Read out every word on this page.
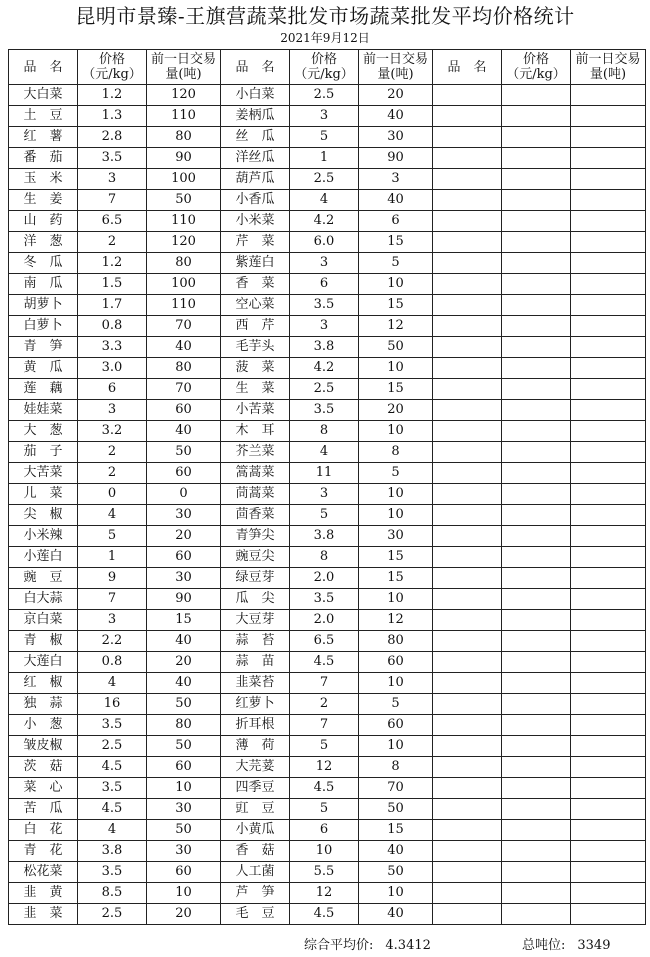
昆明市景臻-王旗营蔬菜批发市场蔬菜批发平均价格统计
2021年9月12日
品　名	价格（元/kg）	前一日交易量(吨)	品　名	价格（元/kg）	前一日交易量(吨)	品　名	价格（元/kg）	前一日交易量(吨)
大白菜	1.2	120	小白菜	2.5	20			
土　豆	1.3	110	姜柄瓜	3	40			
红　薯	2.8	80	丝　瓜	5	30			
番　茄	3.5	90	洋丝瓜	1	90			
玉　米	3	100	葫芦瓜	2.5	3			
生　姜	7	50	小香瓜	4	40			
山　药	6.5	110	小米菜	4.2	6			
洋　葱	2	120	芹　菜	6.0	15			
冬　瓜	1.2	80	紫莲白	3	5			
南　瓜	1.5	100	香　菜	6	10			
胡萝卜	1.7	110	空心菜	3.5	15			
白萝卜	0.8	70	西　芹	3	12			
青　笋	3.3	40	毛芋头	3.8	50			
黄　瓜	3.0	80	菠　菜	4.2	10			
莲　藕	6	70	生　菜	2.5	15			
娃娃菜	3	60	小苦菜	3.5	20			
大　葱	3.2	40	木　耳	8	10			
茄　子	2	50	芥兰菜	4	8			
大苦菜	2	60	篙蒿菜	11	5			
儿　菜	0	0	茼蒿菜	3	10			
尖　椒	4	30	茴香菜	5	10			
小米辣	5	20	青笋尖	3.8	30			
小莲白	1	60	豌豆尖	8	15			
豌　豆	9	30	绿豆芽	2.0	15			
白大蒜	7	90	瓜　尖	3.5	10			
京白菜	3	15	大豆芽	2.0	12			
青　椒	2.2	40	蒜　苔	6.5	80			
大莲白	0.8	20	蒜　苗	4.5	60			
红　椒	4	40	韭菜苔	7	10			
独　蒜	16	50	红萝卜	2	5			
小　葱	3.5	80	折耳根	7	60			
皱皮椒	2.5	50	薄　荷	5	10			
茨　菇	4.5	60	大芫荽	12	8			
菜　心	3.5	10	四季豆	4.5	70			
苦　瓜	4.5	30	豇　豆	5	50			
白　花	4	50	小黄瓜	6	15			
青　花	3.8	30	香　菇	10	40			
松花菜	3.5	60	人工菌	5.5	50			
韭　黄	8.5	10	芦　笋	12	10			
韭　菜	2.5	20	毛　豆	4.5	40			
综合平均价: 4.3412	总吨位: 3349
